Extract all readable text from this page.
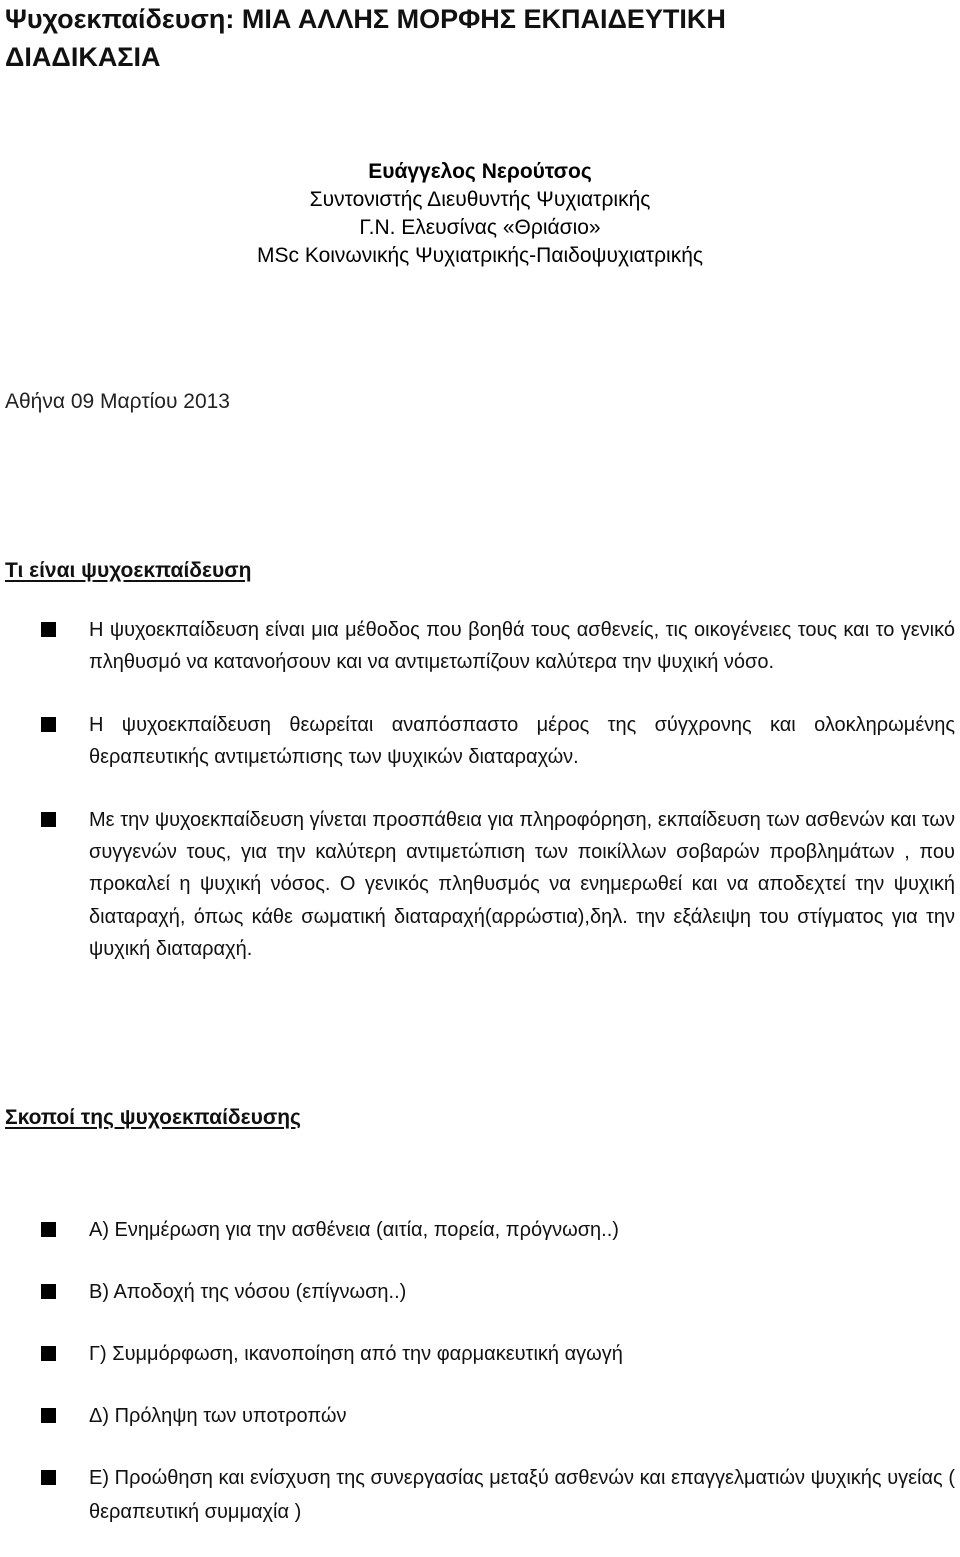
Ψυχοεκπαίδευση: ΜΙΑ ΑΛΛΗΣ ΜΟΡΦΗΣ ΕΚΠΑΙΔΕΥΤΙΚΗ
ΔΙΑΔΙΚΑΣΙΑ
Ευάγγελος Νερούτσος
Συντονιστής Διευθυντής Ψυχιατρικής
Γ.Ν. Ελευσίνας «Θριάσιο»
MSc Κοινωνικής Ψυχιατρικής-Παιδοψυχιατρικής
Αθήνα 09 Μαρτίου 2013
Τι είναι ψυχοεκπαίδευση
Η ψυχοεκπαίδευση είναι μια μέθοδος που βοηθά τους ασθενείς, τις οικογένειες τους και το γενικό πληθυσμό να κατανοήσουν και να αντιμετωπίζουν καλύτερα την ψυχική νόσο.
Η ψυχοεκπαίδευση θεωρείται αναπόσπαστο μέρος της σύγχρονης και ολοκληρωμένης θεραπευτικής αντιμετώπισης των ψυχικών διαταραχών.
Με την ψυχοεκπαίδευση γίνεται προσπάθεια για πληροφόρηση, εκπαίδευση των ασθενών και των συγγενών τους, για την καλύτερη αντιμετώπιση των ποικίλλων σοβαρών προβλημάτων , που προκαλεί η ψυχική νόσος. Ο γενικός πληθυσμός να ενημερωθεί και να αποδεχτεί την ψυχική διαταραχή, όπως κάθε σωματική διαταραχή(αρρώστια),δηλ. την εξάλειψη του στίγματος για την ψυχική διαταραχή.
Σκοποί της ψυχοεκπαίδευσης
Α) Ενημέρωση για την ασθένεια (αιτία, πορεία, πρόγνωση..)
Β) Αποδοχή της νόσου (επίγνωση..)
Γ) Συμμόρφωση, ικανοποίηση από την φαρμακευτική αγωγή
Δ) Πρόληψη των υποτροπών
Ε) Προώθηση και ενίσχυση της συνεργασίας μεταξύ ασθενών και επαγγελματιών ψυχικής υγείας ( θεραπευτική συμμαχία )
